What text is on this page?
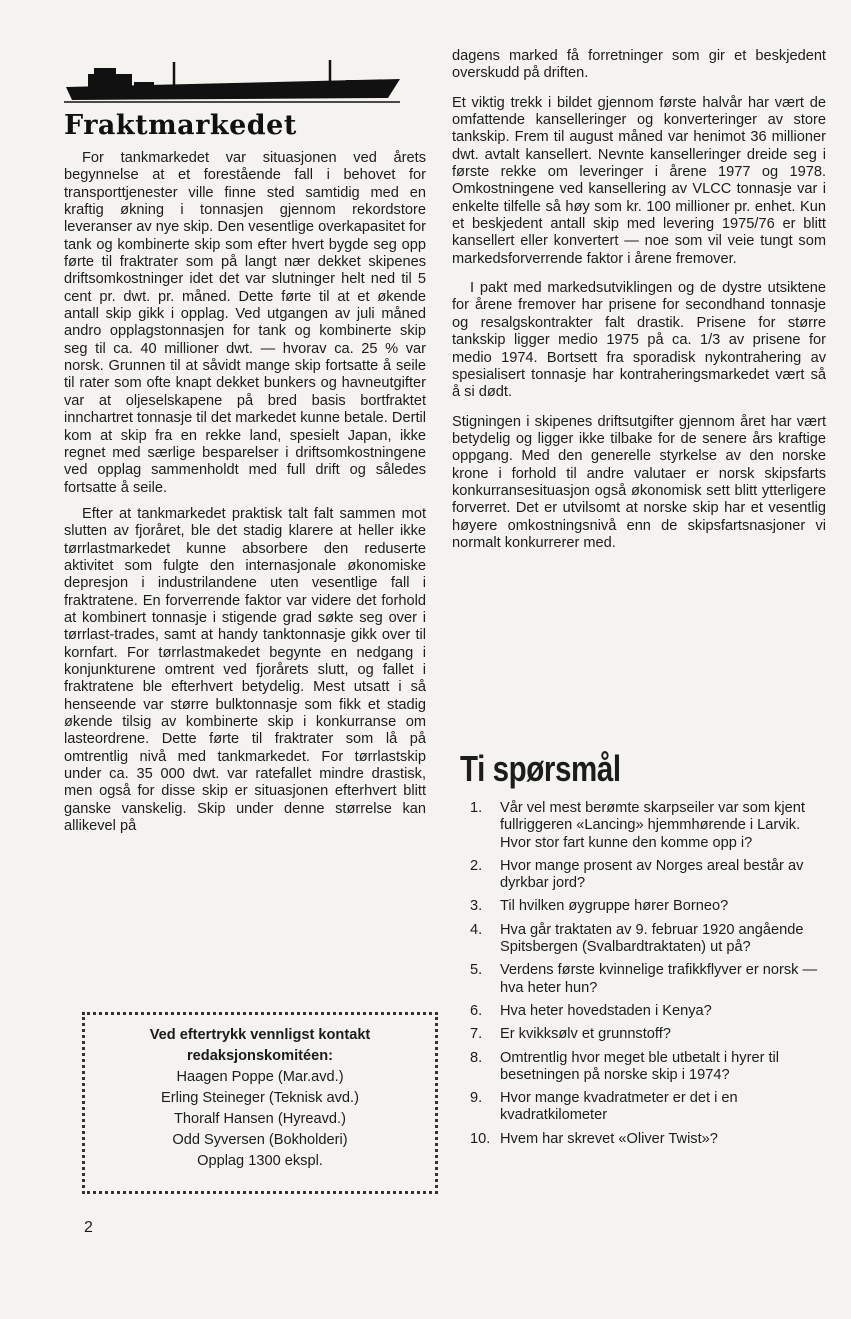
Fraktmarkedet

For tankmarkedet var situasjonen ved årets begynnelse at et forestående fall i behovet for transporttjenester ville finne sted samtidig med en kraftig økning i tonnasjen gjennom rekordstore leveranser av nye skip. Den vesentlige overkapasitet for tank og kombinerte skip som efter hvert bygde seg opp førte til fraktrater som på langt nær dekket skipenes driftsomkostninger idet det var slutninger helt ned til 5 cent pr. dwt. pr. måned. Dette førte til at et økende antall skip gikk i opplag. Ved utgangen av juli måned andro opplagstonnasjen for tank og kombinerte skip seg til ca. 40 millioner dwt. — hvorav ca. 25 % var norsk. Grunnen til at såvidt mange skip fortsatte å seile til rater som ofte knapt dekket bunkers og havneutgifter var at oljeselskapene på bred basis bortfraktet innchartret tonnasje til det markedet kunne betale. Dertil kom at skip fra en rekke land, spesielt Japan, ikke regnet med særlige besparelser i driftsomkostningene ved opplag sammenholdt med full drift og således fortsatte å seile.

Efter at tankmarkedet praktisk talt falt sammen mot slutten av fjoråret, ble det stadig klarere at heller ikke tørrlastmarkedet kunne absorbere den reduserte aktivitet som fulgte den internasjonale økonomiske depresjon i industrilandene uten vesentlige fall i fraktratene. En forverrende faktor var videre det forhold at kombinert tonnasje i stigende grad søkte seg over i tørrlast-trades, samt at handy tanktonnasje gikk over til kornfart. For tørrlastmakedet begynte en nedgang i konjunkturene omtrent ved fjorårets slutt, og fallet i fraktratene ble efterhvert betydelig. Mest utsatt i så henseende var større bulktonnasje som fikk et stadig økende tilsig av kombinerte skip i konkurranse om lasteordrene. Dette førte til fraktrater som lå på omtrentlig nivå med tankmarkedet. For tørrlastskip under ca. 35 000 dwt. var ratefallet mindre drastisk, men også for disse skip er situasjonen efterhvert blitt ganske vanskelig. Skip under denne størrelse kan allikevel på

dagens marked få forretninger som gir et beskjedent overskudd på driften.

Et viktig trekk i bildet gjennom første halvår har vært de omfattende kanselleringer og konverteringer av store tankskip. Frem til august måned var henimot 36 millioner dwt. avtalt kansellert. Nevnte kanselleringer dreide seg i første rekke om leveringer i årene 1977 og 1978. Omkostningene ved kansellering av VLCC tonnasje var i enkelte tilfelle så høy som kr. 100 millioner pr. enhet. Kun et beskjedent antall skip med levering 1975/76 er blitt kansellert eller konvertert — noe som vil veie tungt som markedsforverrende faktor i årene fremover.

I pakt med markedsutviklingen og de dystre utsiktene for årene fremover har prisene for secondhand tonnasje og resalgskontrakter falt drastik. Prisene for større tankskip ligger medio 1975 på ca. 1/3 av prisene for medio 1974. Bortsett fra sporadisk nykontrahering av spesialisert tonnasje har kontraheringsmarkedet vært så å si dødt.

Stigningen i skipenes driftsutgifter gjennom året har vært betydelig og ligger ikke tilbake for de senere års kraftige oppgang. Med den generelle styrkelse av den norske krone i forhold til andre valutaer er norsk skipsfarts konkurransesituasjon også økonomisk sett blitt ytterligere forverret. Det er utvilsomt at norske skip har et vesentlig høyere omkostningsnivå enn de skipsfartsnasjoner vi normalt konkurrerer med.

Ved eftertrykk vennligst kontakt
redaksjonskomitéen:
Haagen Poppe (Mar.avd.)
Erling Steineger (Teknisk avd.)
Thoralf Hansen (Hyreavd.)
Odd Syversen (Bokholderi)
Opplag 1300 ekspl.
2
Ti spørsmål
1.	Vår vel mest berømte skarpseiler var som kjent fullriggeren «Lancing» hjemmhørende i Larvik. Hvor stor fart kunne den komme opp i?
2.	Hvor mange prosent av Norges areal består av dyrkbar jord?
3.	Til hvilken øygruppe hører Borneo?
4.	Hva går traktaten av 9. februar 1920 angående Spitsbergen (Svalbardtraktaten) ut på?
5.	Verdens første kvinnelige trafikkflyver er norsk — hva heter hun?
6.	Hva heter hovedstaden i Kenya?
7.	Er kvikksølv et grunnstoff?
8.	Omtrentlig hvor meget ble utbetalt i hyrer til besetningen på norske skip i 1974?
9.	Hvor mange kvadratmeter er det i en kvadratkilometer
10. Hvem har skrevet «Oliver Twist»?
